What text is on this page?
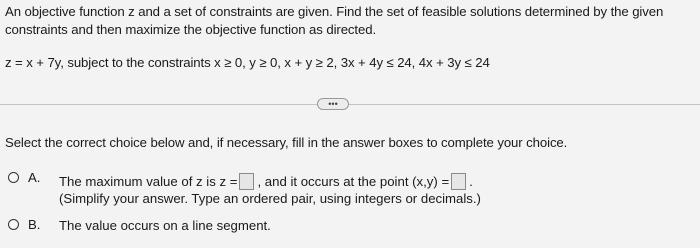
An objective function z and a set of constraints are given. Find the set of feasible solutions determined by the given
constraints and then maximize the objective function as directed.
z = x + 7y, subject to the constraints x ≥ 0, y ≥ 0, x + y ≥ 2, 3x + 4y ≤ 24, 4x + 3y ≤ 24
•••
Select the correct choice below and, if necessary, fill in the answer boxes to complete your choice.
A. The maximum value of z is z = , and it occurs at the point (x,y) = .
(Simplify your answer. Type an ordered pair, using integers or decimals.)
B. The value occurs on a line segment.
